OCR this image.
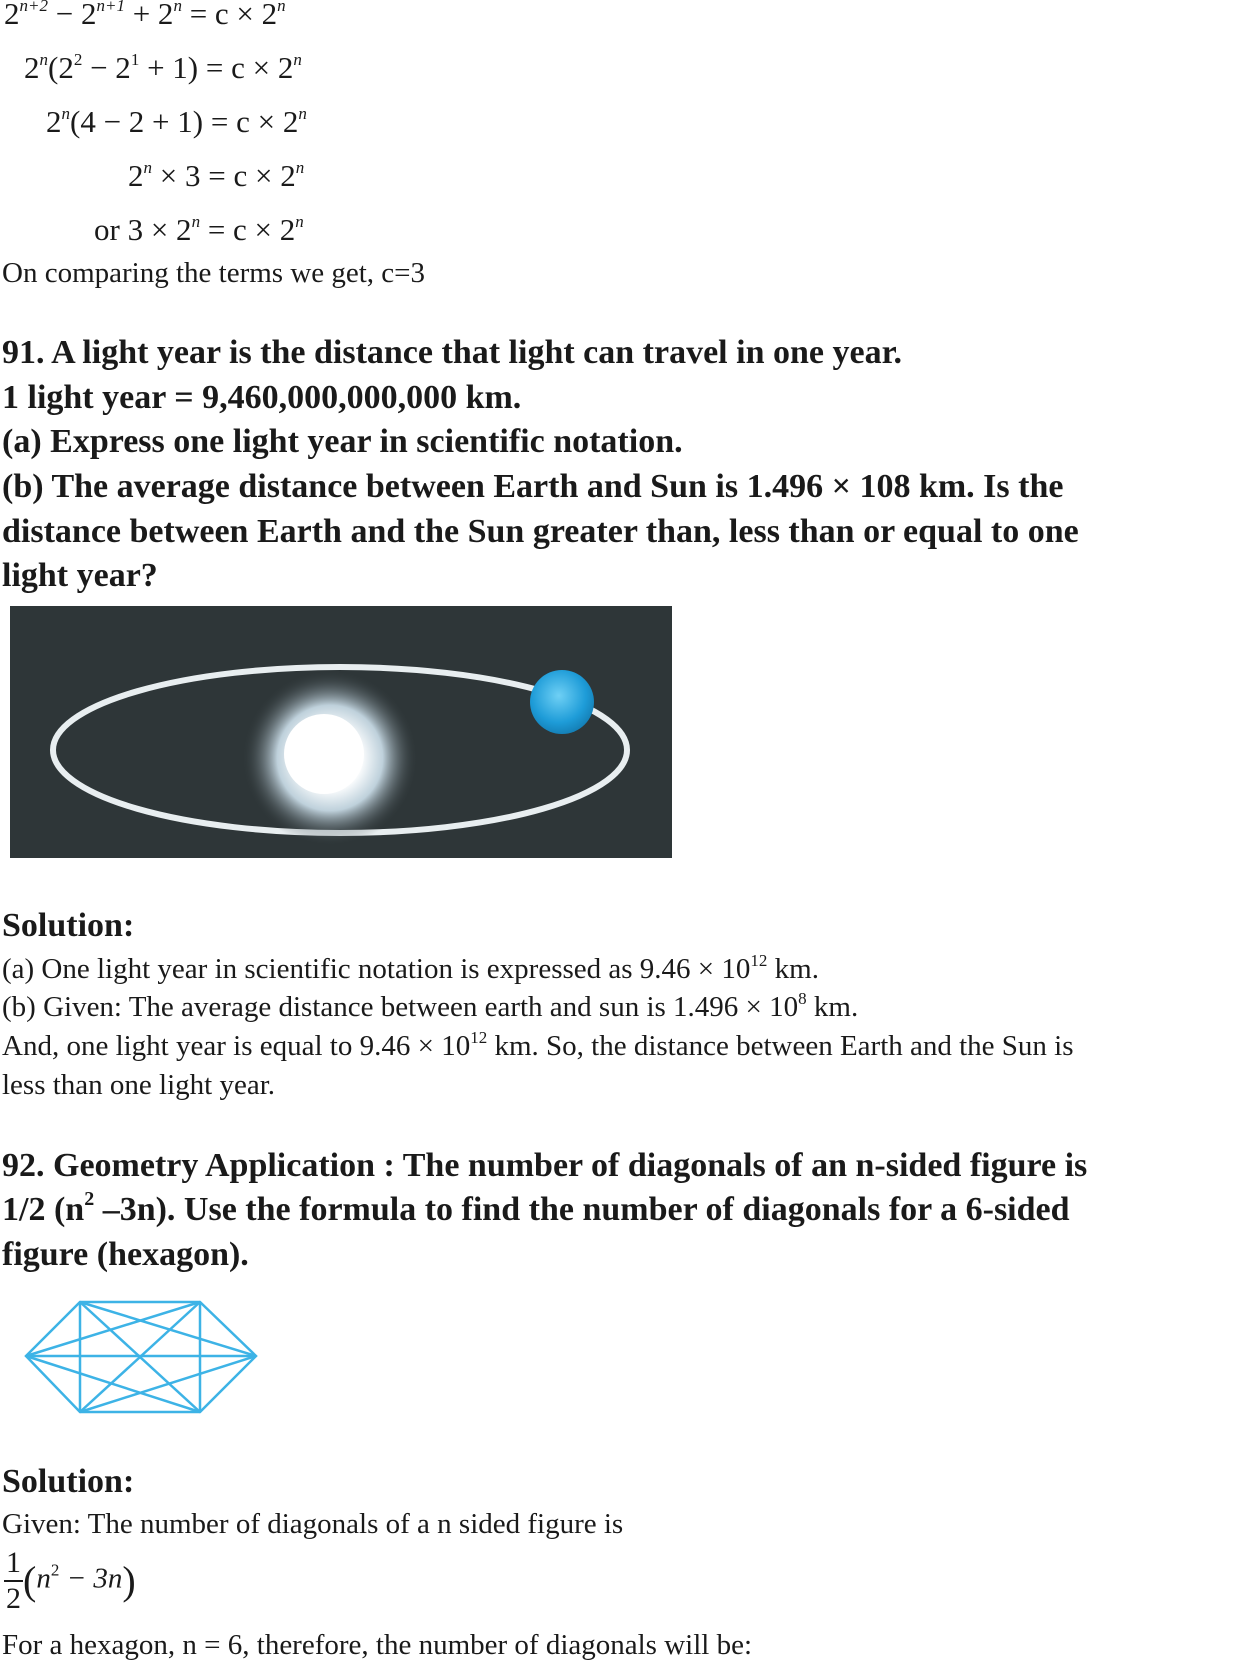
$2^{n+2} - 2^{n+1} + 2^n = c \times 2^n$
$2^n(2^2 - 2^1 + 1) = c \times 2^n$
$2^n(4 - 2 + 1) = c \times 2^n$
$2^n \times 3 = c \times 2^n$
or $3 \times 2^n = c \times 2^n$
On comparing the terms we get, c=3
91. A light year is the distance that light can travel in one year.
1 light year = 9,460,000,000,000 km.
(a) Express one light year in scientific notation.
(b) The average distance between Earth and Sun is 1.496 × 108 km. Is the
distance between Earth and the Sun greater than, less than or equal to one
light year?
Solution:
(a) One light year in scientific notation is expressed as $9.46 \times 10^{12}$ km.
(b) Given: The average distance between earth and sun is $1.496 \times 10^8$ km.
And, one light year is equal to $9.46 \times 10^{12}$ km. So, the distance between Earth and the Sun is
less than one light year.
92. Geometry Application : The number of diagonals of an n-sided figure is
1/2 ($n^2$ –3n). Use the formula to find the number of diagonals for a 6-sided
figure (hexagon).
Solution:
Given: The number of diagonals of a n sided figure is
$\frac{1}{2} (n^2 - 3n)$
For a hexagon, n = 6, therefore, the number of diagonals will be:
